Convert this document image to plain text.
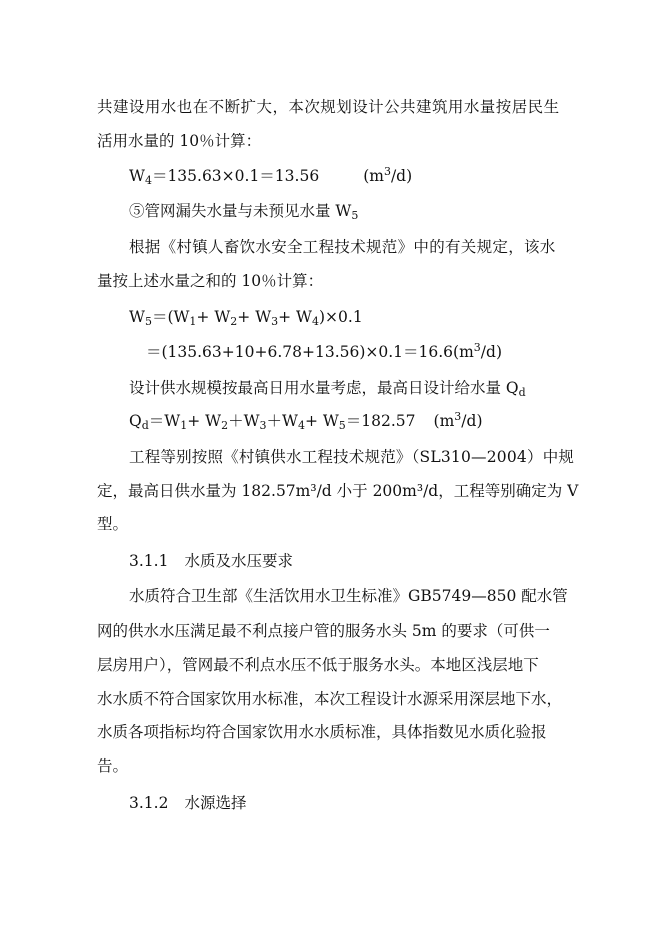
共建设用水也在不断扩大，本次规划设计公共建筑用水量按居民生
活用水量的 10％计算：
$W_4=135.63\times 0.1=13.56$	$(m^3/d)$
⑤管网漏失水量与未预见水量 $W_5$
根据《村镇人畜饮水安全工程技术规范》中的有关规定，该水
量按上述水量之和的 10％计算：
$W_5=(W_1+ W_2+ W_3+ W_4)\times 0.1$
$=(135.63+10+6.78+13.56)\times 0.1=16.6(m^3/d)$
设计供水规模按最高日用水量考虑，最高日设计给水量 $Q_d$
$Q_d=W_1+ W_2+W_3+W_4+ W_5=182.57$ $(m^3/d)$
工程等别按照《村镇供水工程技术规范》（SL310—2004）中规
定，最高日供水量为 182.57m³/d 小于 200m³/d，工程等别确定为 V
型。
3.1.1 水质及水压要求
水质符合卫生部《生活饮用水卫生标准》GB5749—850 配水管
网的供水水压满足最不利点接户管的服务水头 5m 的要求（可供一
层房用户），管网最不利点水压不低于服务水头。本地区浅层地下
水水质不符合国家饮用水标准，本次工程设计水源采用深层地下水，
水质各项指标均符合国家饮用水水质标准，具体指数见水质化验报
告。
3.1.2 水源选择
